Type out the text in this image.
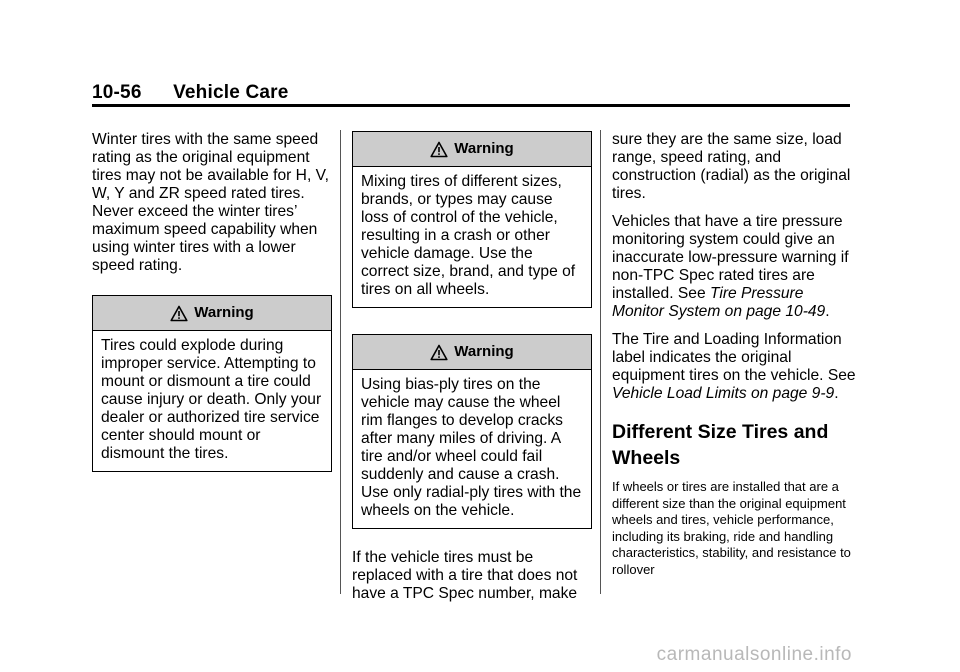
10-56 Vehicle Care

Winter tires with the same speed rating as the original equipment tires may not be available for H, V, W, Y and ZR speed rated tires. Never exceed the winter tires’ maximum speed capability when using winter tires with a lower speed rating.

Warning
Tires could explode during improper service. Attempting to mount or dismount a tire could cause injury or death. Only your dealer or authorized tire service center should mount or dismount the tires.
Warning
Mixing tires of different sizes, brands, or types may cause loss of control of the vehicle, resulting in a crash or other vehicle damage. Use the correct size, brand, and type of tires on all wheels.
Warning
Using bias-ply tires on the vehicle may cause the wheel rim flanges to develop cracks after many miles of driving. A tire and/or wheel could fail suddenly and cause a crash. Use only radial-ply tires with the wheels on the vehicle.

If the vehicle tires must be replaced with a tire that does not have a TPC Spec number, make

sure they are the same size, load range, speed rating, and construction (radial) as the original tires.

Vehicles that have a tire pressure monitoring system could give an inaccurate low-pressure warning if non-TPC Spec rated tires are installed. See Tire Pressure Monitor System on page 10-49.

The Tire and Loading Information label indicates the original equipment tires on the vehicle. See Vehicle Load Limits on page 9-9.

Different Size Tires and Wheels

If wheels or tires are installed that are a different size than the original equipment wheels and tires, vehicle performance, including its braking, ride and handling characteristics, stability, and resistance to rollover

carmanualsonline.info
